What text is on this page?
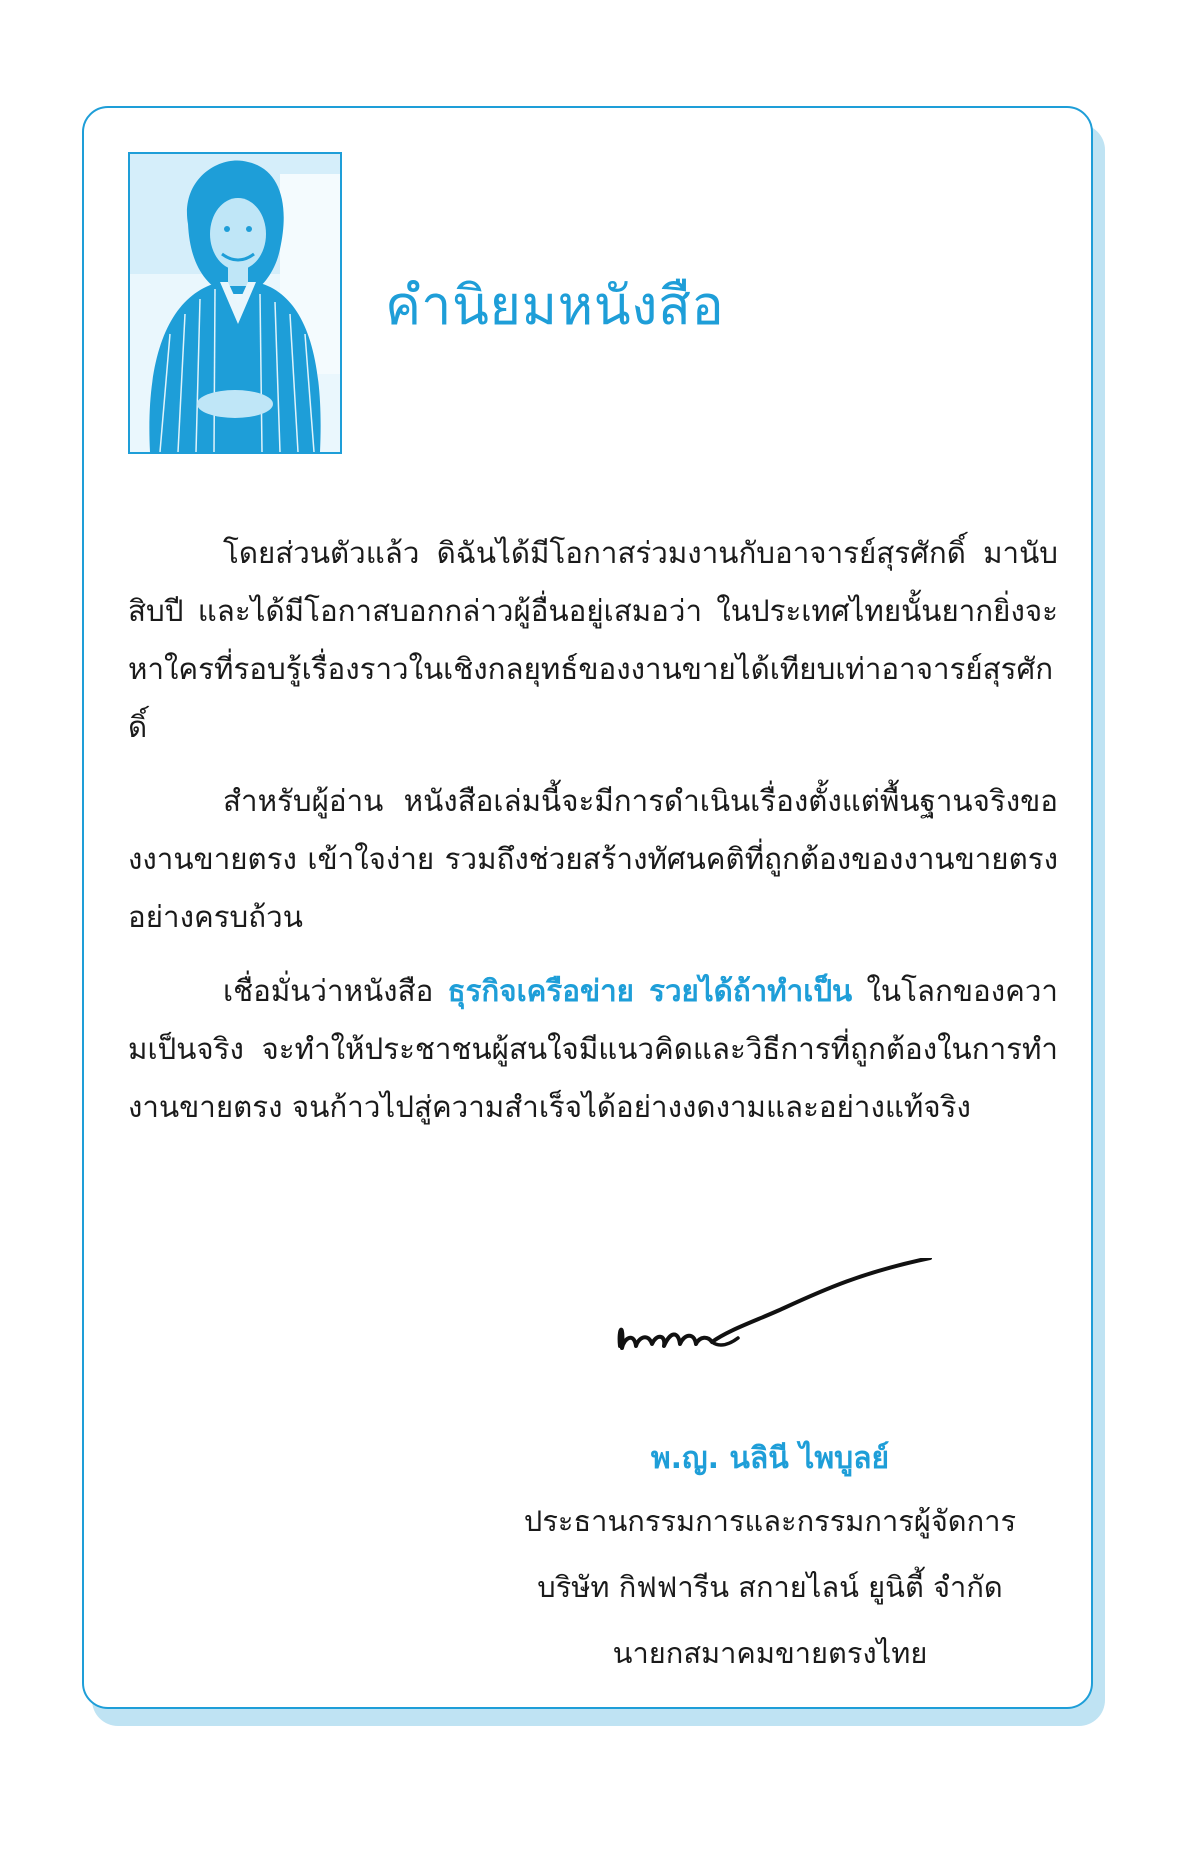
คำนิยมหนังสือ

โดยส่วนตัวแล้ว ดิฉันได้มีโอกาสร่วมงานกับอาจารย์สุรศักดิ์ มานับสิบปี และได้มีโอกาสบอกกล่าวผู้อื่นอยู่เสมอว่า ในประเทศไทยนั้นยากยิ่งจะหาใครที่รอบรู้เรื่องราวในเชิงกลยุทธ์ของงานขายได้เทียบเท่าอาจารย์สุรศักดิ์

สำหรับผู้อ่าน หนังสือเล่มนี้จะมีการดำเนินเรื่องตั้งแต่พื้นฐานจริงของงานขายตรง เข้าใจง่าย รวมถึงช่วยสร้างทัศนคติที่ถูกต้องของงานขายตรงอย่างครบถ้วน

เชื่อมั่นว่าหนังสือ ธุรกิจเครือข่าย รวยได้ถ้าทำเป็น ในโลกของความเป็นจริง จะทำให้ประชาชนผู้สนใจมีแนวคิดและวิธีการที่ถูกต้องในการทำงานขายตรง จนก้าวไปสู่ความสำเร็จได้อย่างงดงามและอย่างแท้จริง

พ.ญ. นลินี ไพบูลย์
ประธานกรรมการและกรรมการผู้จัดการ
บริษัท กิฟฟารีน สกายไลน์ ยูนิตี้ จำกัด
นายกสมาคมขายตรงไทย
